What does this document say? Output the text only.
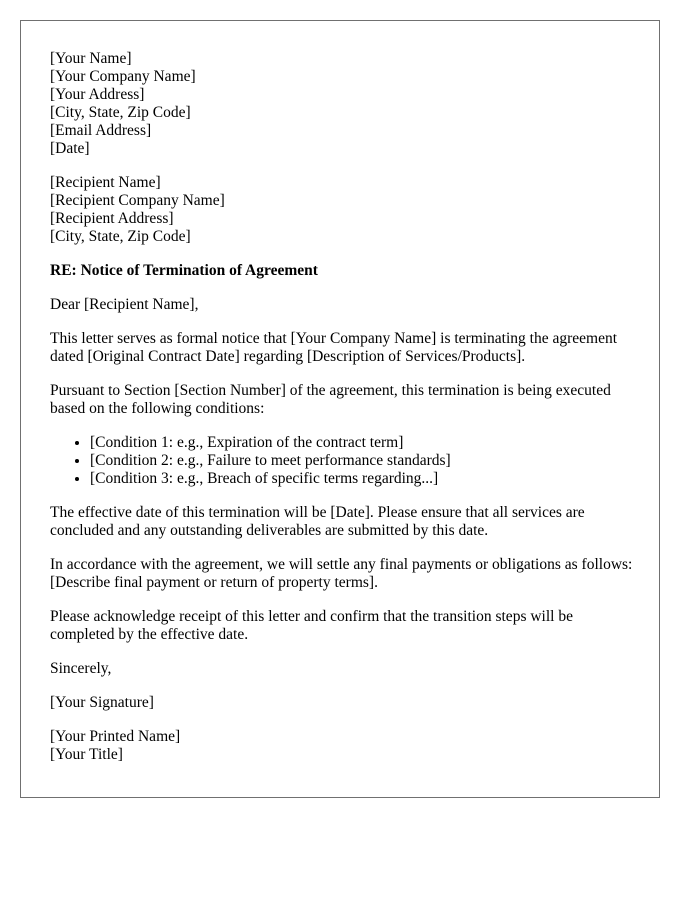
[Your Name]
[Your Company Name]
[Your Address]
[City, State, Zip Code]
[Email Address]
[Date]
[Recipient Name]
[Recipient Company Name]
[Recipient Address]
[City, State, Zip Code]

RE: Notice of Termination of Agreement

Dear [Recipient Name],

This letter serves as formal notice that [Your Company Name] is terminating the agreement dated [Original Contract Date] regarding [Description of Services/Products].

Pursuant to Section [Section Number] of the agreement, this termination is being executed based on the following conditions:

• [Condition 1: e.g., Expiration of the contract term]
• [Condition 2: e.g., Failure to meet performance standards]
• [Condition 3: e.g., Breach of specific terms regarding...]

The effective date of this termination will be [Date]. Please ensure that all services are concluded and any outstanding deliverables are submitted by this date.

In accordance with the agreement, we will settle any final payments or obligations as follows: [Describe final payment or return of property terms].

Please acknowledge receipt of this letter and confirm that the transition steps will be completed by the effective date.

Sincerely,

[Your Signature]

[Your Printed Name]
[Your Title]
